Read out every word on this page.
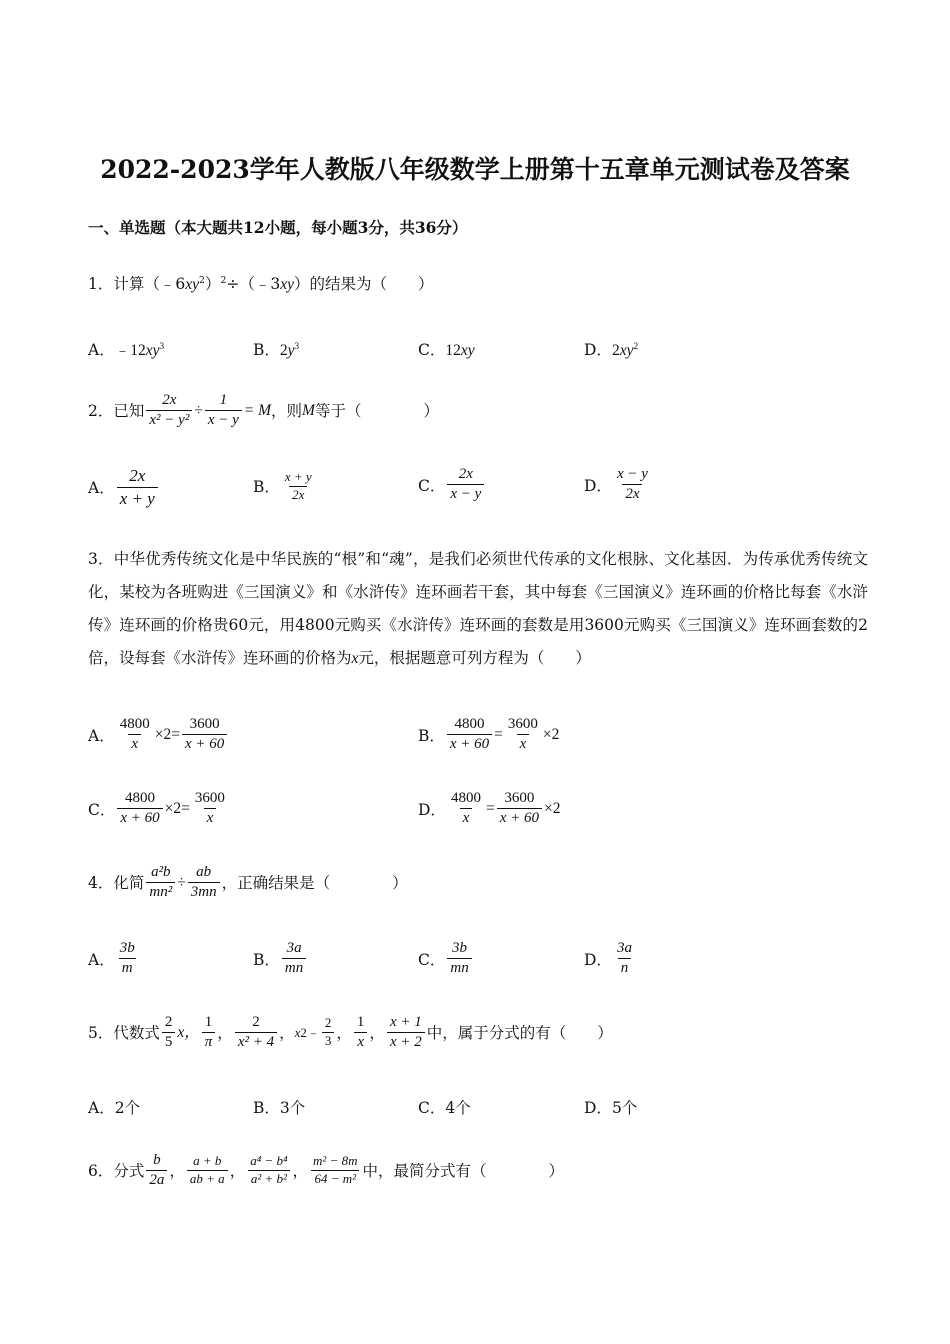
2022-2023学年人教版八年级数学上册第十五章单元测试卷及答案
一、单选题（本大题共12小题，每小题3分，共36分）
1．计算$(﹣6xy^2)^2\div(﹣3xy)$的结果为（　　）
A．$﹣12xy^3$	B．$2y^3$	C．12xy	D．$2xy^2$
2． 已知 $\frac{2x}{\text{x² − y²}} \div \frac{1}{x - y} = M$ ，则 M 等于（　　　　）
A． $\frac{2x}{x + y}$	B． $\frac{x + y}{2x}$	C． $\frac{2x}{x - y}$	D． $\frac{x - y}{2x}$
3．中华优秀传统文化是中华民族的“根”和“魂”，是我们必须世代传承的文化根脉、文化基因．为传承优秀传统文化，某校为各班购进《三国演义》和《水浒传》连环画若干套，其中每套《三国演义》连环画的价格比每套《水浒传》连环画的价格贵60元，用4800元购买《水浒传》连环画的套数是用3600元购买《三国演义》连环画套数的2倍，设每套《水浒传》连环画的价格为x元，根据题意可列方程为（　　）
A． $\frac{4800}{x} \times 2 = \frac{3600}{x + 60}$	B． $\frac{4800}{x + 60} = \frac{3600}{x} \times 2$
C． $\frac{4800}{x + 60} \times 2 = \frac{3600}{x}$	D． $\frac{4800}{x} = \frac{3600}{x + 60} \times 2$
4． 化简 $\frac{\text{a²b}}{\text{mn²}} \div \frac{ab}{3mn}$ ，正确结果是（　　　　）
A． $\frac{3b}{m}$	B． $\frac{3a}{mn}$	C． $\frac{3b}{mn}$	D． $\frac{3a}{n}$
5． 代数式 $\frac{2}{5}$ x， $\frac{1}{\pi}$ ， $\frac{2}{\text{x² + 4}}$ ， x 2 ﹣ $\frac{2}{3}$ ， $\frac{1}{x}$ ， $\frac{x + 1}{x + 2}$ 中，属于分式的有（　　）
A．2个	B．3个	C．4个	D．5个
6． 分式 $\frac{b}{2a}$ ， $\frac{a + b}{ab + a}$ ， $\frac{\text{a⁴ − b⁴}}{\text{a² + b²}}$ ， $\frac{\text{m² − 8m}}{\text{64 − m²}}$ 中，最简分式有（　　　　）
